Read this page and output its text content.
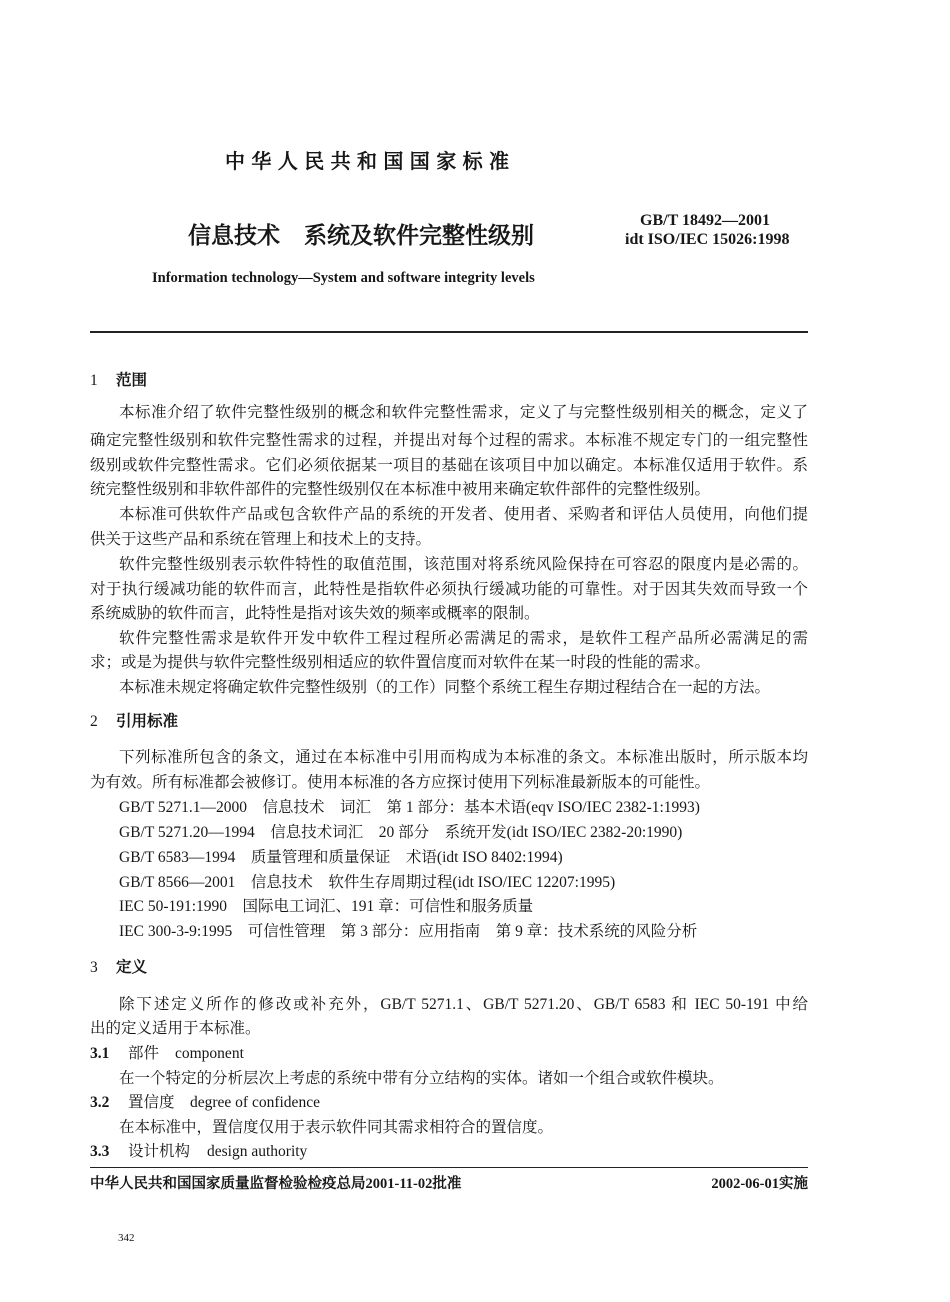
中华人民共和国国家标准
信息技术 系统及软件完整性级别
GB/T 18492—2001
idt ISO/IEC 15026:1998
Information technology—System and software integrity levels
1 范围
本标准介绍了软件完整性级别的概念和软件完整性需求，定义了与完整性级别相关的概念，定义了
确定完整性级别和软件完整性需求的过程，并提出对每个过程的需求。本标准不规定专门的一组完整性
级别或软件完整性需求。它们必须依据某一项目的基础在该项目中加以确定。本标准仅适用于软件。系
统完整性级别和非软件部件的完整性级别仅在本标准中被用来确定软件部件的完整性级别。
本标准可供软件产品或包含软件产品的系统的开发者、使用者、采购者和评估人员使用，向他们提
供关于这些产品和系统在管理上和技术上的支持。
软件完整性级别表示软件特性的取值范围，该范围对将系统风险保持在可容忍的限度内是必需的。
对于执行缓减功能的软件而言，此特性是指软件必须执行缓减功能的可靠性。对于因其失效而导致一个
系统威胁的软件而言，此特性是指对该失效的频率或概率的限制。
软件完整性需求是软件开发中软件工程过程所必需满足的需求，是软件工程产品所必需满足的需
求；或是为提供与软件完整性级别相适应的软件置信度而对软件在某一时段的性能的需求。
本标准未规定将确定软件完整性级别（的工作）同整个系统工程生存期过程结合在一起的方法。
2 引用标准
下列标准所包含的条文，通过在本标准中引用而构成为本标准的条文。本标准出版时，所示版本均
为有效。所有标准都会被修订。使用本标准的各方应探讨使用下列标准最新版本的可能性。
GB/T 5271.1—2000　信息技术　词汇　第 1 部分：基本术语(eqv ISO/IEC 2382-1:1993)
GB/T 5271.20—1994　信息技术词汇　20 部分　系统开发(idt ISO/IEC 2382-20:1990)
GB/T 6583—1994　质量管理和质量保证　术语(idt ISO 8402:1994)
GB/T 8566—2001　信息技术　软件生存周期过程(idt ISO/IEC 12207:1995)
IEC 50-191:1990　国际电工词汇、191 章：可信性和服务质量
IEC 300-3-9:1995　可信性管理　第 3 部分：应用指南　第 9 章：技术系统的风险分析
3 定义
除下述定义所作的修改或补充外，GB/T 5271.1、GB/T 5271.20、GB/T 6583 和 IEC 50-191 中给
出的定义适用于本标准。
3.1 部件 component
在一个特定的分析层次上考虑的系统中带有分立结构的实体。诸如一个组合或软件模块。
3.2 置信度 degree of confidence
在本标准中，置信度仅用于表示软件同其需求相符合的置信度。
3.3 设计机构 design authority
中华人民共和国国家质量监督检验检疫总局2001-11-02批准	2002-06-01实施
342
